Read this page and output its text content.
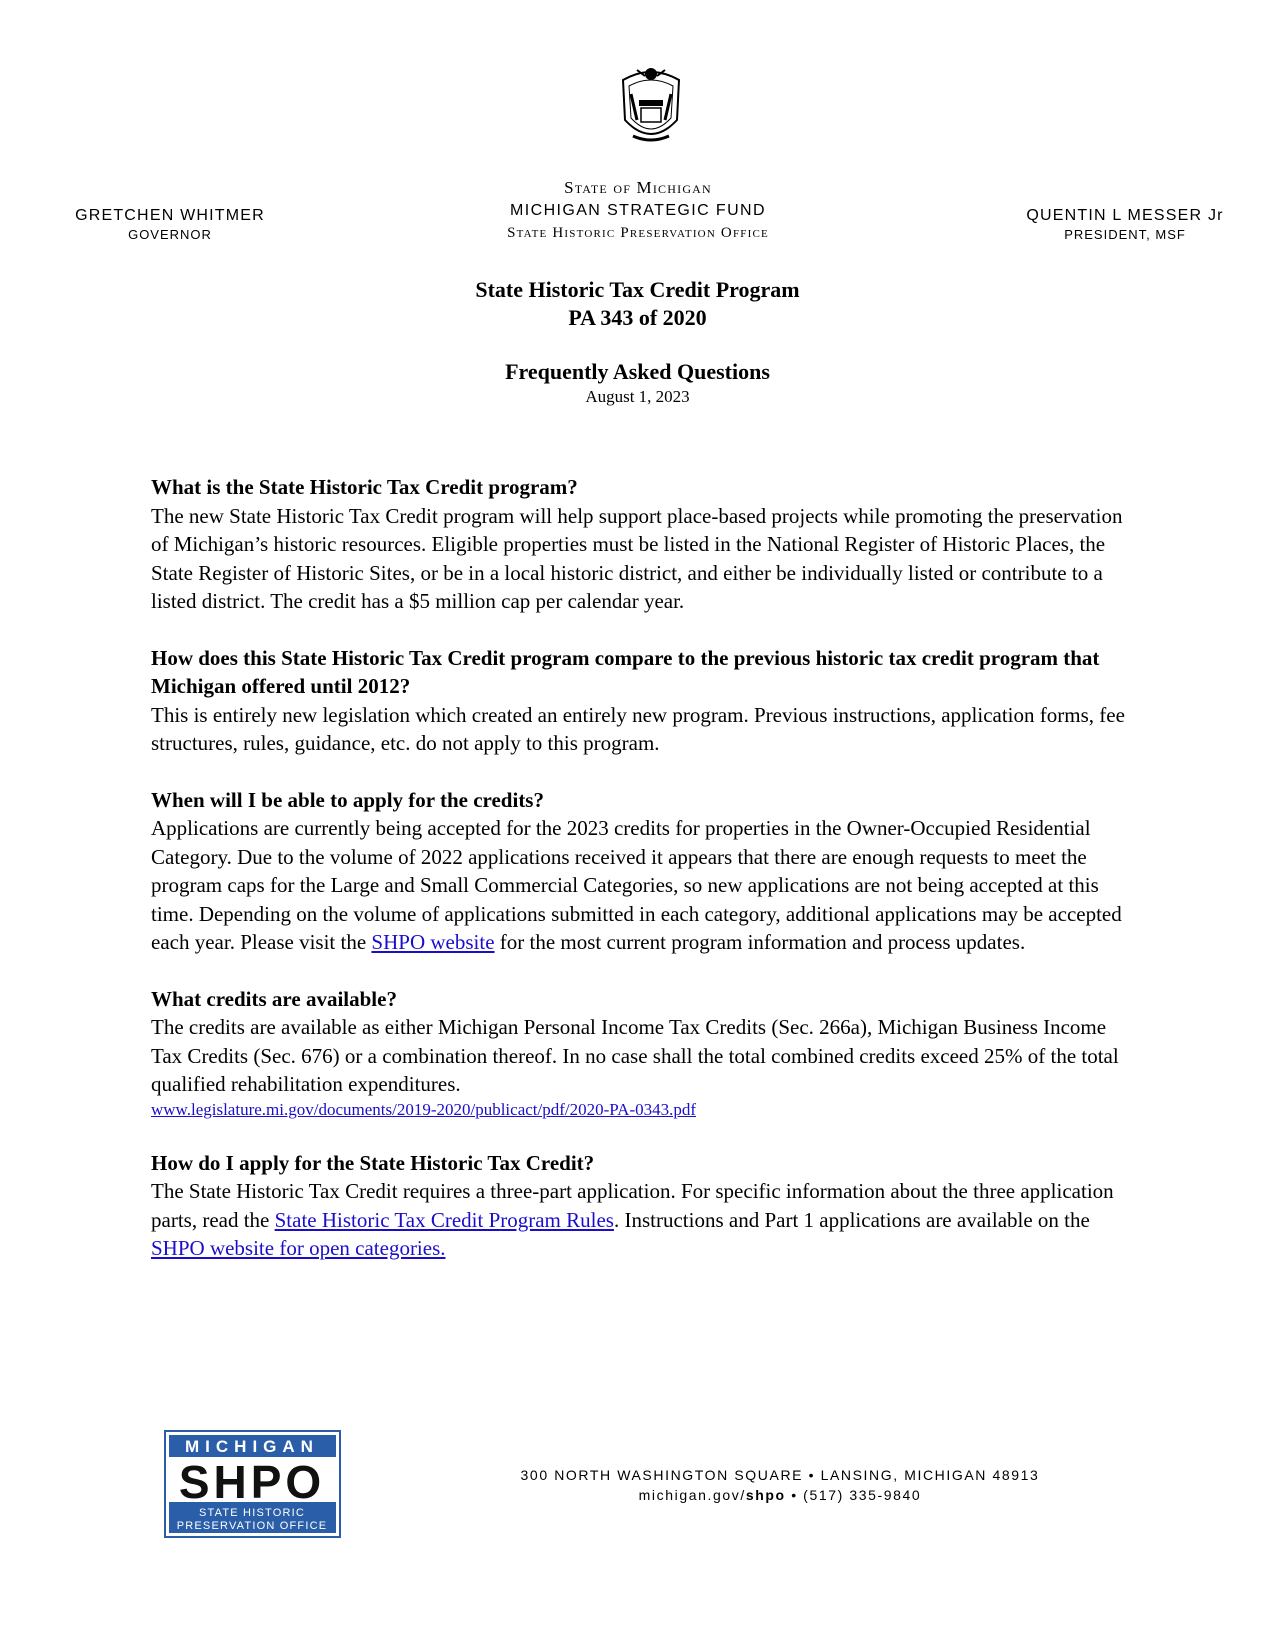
GRETCHEN WHITMER
GOVERNOR
State of Michigan
MICHIGAN STRATEGIC FUND
State Historic Preservation Office
QUENTIN L MESSER Jr
PRESIDENT, MSF
State Historic Tax Credit Program
PA 343 of 2020
Frequently Asked Questions
August 1, 2023
What is the State Historic Tax Credit program?
The new State Historic Tax Credit program will help support place-based projects while promoting the preservation of Michigan’s historic resources. Eligible properties must be listed in the National Register of Historic Places, the State Register of Historic Sites, or be in a local historic district, and either be individually listed or contribute to a listed district. The credit has a $5 million cap per calendar year.
How does this State Historic Tax Credit program compare to the previous historic tax credit program that Michigan offered until 2012?
This is entirely new legislation which created an entirely new program. Previous instructions, application forms, fee structures, rules, guidance, etc. do not apply to this program.
When will I be able to apply for the credits?
Applications are currently being accepted for the 2023 credits for properties in the Owner-Occupied Residential Category. Due to the volume of 2022 applications received it appears that there are enough requests to meet the program caps for the Large and Small Commercial Categories, so new applications are not being accepted at this time. Depending on the volume of applications submitted in each category, additional applications may be accepted each year. Please visit the SHPO website for the most current program information and process updates.
What credits are available?
The credits are available as either Michigan Personal Income Tax Credits (Sec. 266a), Michigan Business Income Tax Credits (Sec. 676) or a combination thereof. In no case shall the total combined credits exceed 25% of the total qualified rehabilitation expenditures.
www.legislature.mi.gov/documents/2019-2020/publicact/pdf/2020-PA-0343.pdf
How do I apply for the State Historic Tax Credit?
The State Historic Tax Credit requires a three-part application. For specific information about the three application parts, read the State Historic Tax Credit Program Rules. Instructions and Part 1 applications are available on the SHPO website for open categories.
MICHIGAN
SHPO
STATE HISTORIC
PRESERVATION OFFICE
300 NORTH WASHINGTON SQUARE • LANSING, MICHIGAN 48913
michigan.gov/shpo • (517) 335-9840
